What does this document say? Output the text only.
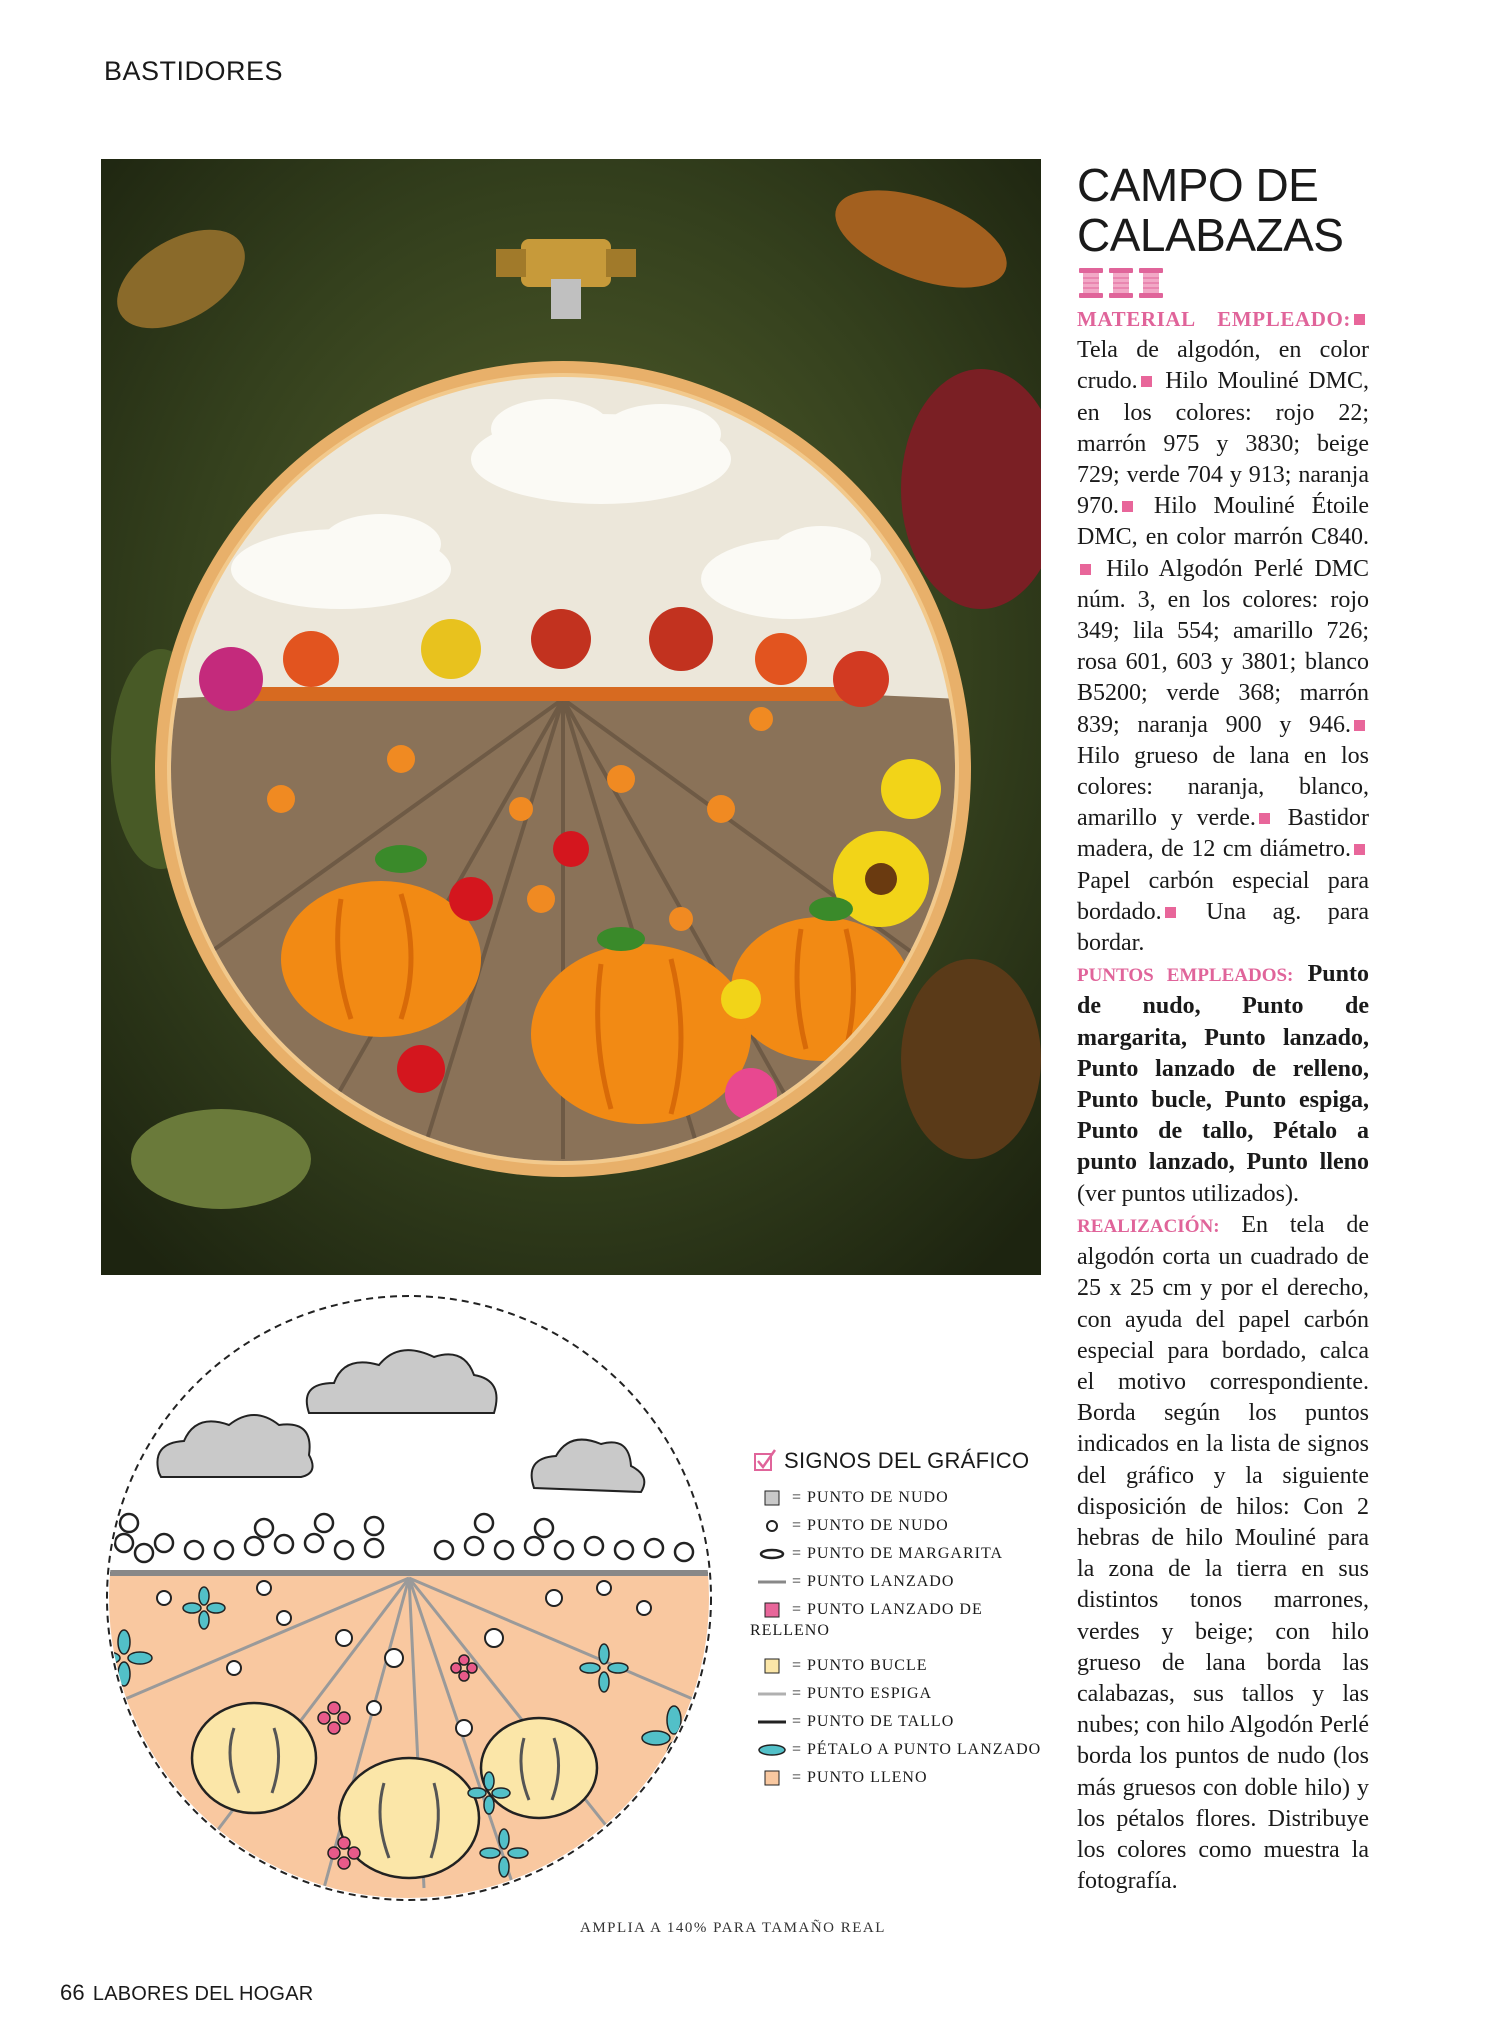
BASTIDORES
CAMPO DE
CALABAZAS

MATERIAL EMPLEADO: Tela de algodón, en color crudo. Hilo Mouliné DMC, en los colores: rojo 22; marrón 975 y 3830; beige 729; verde 704 y 913; naranja 970. Hilo Mouliné Étoile DMC, en color marrón C840. Hilo Algodón Perlé DMC núm. 3, en los colores: rojo 349; lila 554; amarillo 726; rosa 601, 603 y 3801; blanco B5200; verde 368; marrón 839; naranja 900 y 946. Hilo grueso de lana en los colores: naranja, blanco, amarillo y verde. Bastidor madera, de 12 cm diámetro. Papel carbón especial para bordado. Una ag. para bordar.

PUNTOS EMPLEADOS: Punto de nudo, Punto de margarita, Punto lanzado, Punto lanzado de relleno, Punto bucle, Punto espiga, Punto de tallo, Pétalo a punto lanzado, Punto lleno (ver puntos utilizados).

REALIZACIÓN: En tela de algodón corta un cuadrado de 25 x 25 cm y por el derecho, con ayuda del papel carbón especial para bordado, calca el motivo correspondiente. Borda según los puntos indicados en la lista de signos del gráfico y la siguiente disposición de hilos: Con 2 hebras de hilo Mouliné para la zona de la tierra en sus distintos tonos marrones, verdes y beige; con hilo grueso de lana borda las calabazas, sus tallos y las nubes; con hilo Algodón Perlé borda los puntos de nudo (los más gruesos con doble hilo) y los pétalos flores. Distribuye los colores como muestra la fotografía.

SIGNOS DEL GRÁFICO
= PUNTO DE NUDO
= PUNTO DE NUDO
= PUNTO DE MARGARITA
= PUNTO LANZADO
= PUNTO LANZADO DE
RELLENO
= PUNTO BUCLE
= PUNTO ESPIGA
= PUNTO DE TALLO
= PÉTALO A PUNTO LANZADO
= PUNTO LLENO
AMPLIA A 140% PARA TAMAÑO REAL
66 LABORES DEL HOGAR
